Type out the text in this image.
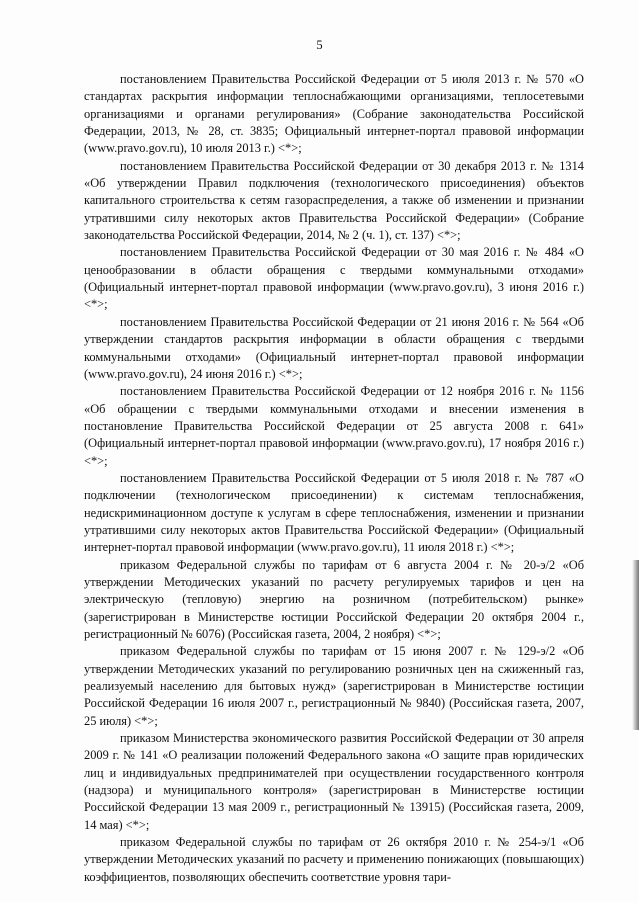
5

постановлением Правительства Российской Федерации от 5 июля 2013 г. № 570 «О стандартах раскрытия информации теплоснабжающими организациями, теплосетевыми организациями и органами регулирования» (Собрание законодательства Российской Федерации, 2013, № 28, ст. 3835; Официальный интернет-портал правовой информации (www.pravo.gov.ru), 10 июля 2013 г.) <*>;

постановлением Правительства Российской Федерации от 30 декабря 2013 г. № 1314 «Об утверждении Правил подключения (технологического присоединения) объектов капитального строительства к сетям газораспределения, а также об изменении и признании утратившими силу некоторых актов Правительства Российской Федерации» (Собрание законодательства Российской Федерации, 2014, № 2 (ч. 1), ст. 137) <*>;

постановлением Правительства Российской Федерации от 30 мая 2016 г. № 484 «О ценообразовании в области обращения с твердыми коммунальными отходами» (Официальный интернет-портал правовой информации (www.pravo.gov.ru), 3 июня 2016 г.) <*>;

постановлением Правительства Российской Федерации от 21 июня 2016 г. № 564 «Об утверждении стандартов раскрытия информации в области обращения с твердыми коммунальными отходами» (Официальный интернет-портал правовой информации (www.pravo.gov.ru), 24 июня 2016 г.) <*>;

постановлением Правительства Российской Федерации от 12 ноября 2016 г. № 1156 «Об обращении с твердыми коммунальными отходами и внесении изменения в постановление Правительства Российской Федерации от 25 августа 2008 г. 641» (Официальный интернет-портал правовой информации (www.pravo.gov.ru), 17 ноября 2016 г.) <*>;

постановлением Правительства Российской Федерации от 5 июля 2018 г. № 787 «О подключении (технологическом присоединении) к системам теплоснабжения, недискриминационном доступе к услугам в сфере теплоснабжения, изменении и признании утратившими силу некоторых актов Правительства Российской Федерации» (Официальный интернет-портал правовой информации (www.pravo.gov.ru), 11 июля 2018 г.) <*>;

приказом Федеральной службы по тарифам от 6 августа 2004 г. № 20-э/2 «Об утверждении Методических указаний по расчету регулируемых тарифов и цен на электрическую (тепловую) энергию на розничном (потребительском) рынке» (зарегистрирован в Министерстве юстиции Российской Федерации 20 октября 2004 г., регистрационный № 6076) (Российская газета, 2004, 2 ноября) <*>;

приказом Федеральной службы по тарифам от 15 июня 2007 г. № 129-э/2 «Об утверждении Методических указаний по регулированию розничных цен на сжиженный газ, реализуемый населению для бытовых нужд» (зарегистрирован в Министерстве юстиции Российской Федерации 16 июля 2007 г., регистрационный № 9840) (Российская газета, 2007, 25 июля) <*>;

приказом Министерства экономического развития Российской Федерации от 30 апреля 2009 г. № 141 «О реализации положений Федерального закона «О защите прав юридических лиц и индивидуальных предпринимателей при осуществлении государственного контроля (надзора) и муниципального контроля» (зарегистрирован в Министерстве юстиции Российской Федерации 13 мая 2009 г., регистрационный № 13915) (Российская газета, 2009, 14 мая) <*>;

приказом Федеральной службы по тарифам от 26 октября 2010 г. № 254-э/1 «Об утверждении Методических указаний по расчету и применению понижающих (повышающих) коэффициентов, позволяющих обеспечить соответствие уровня тари-
